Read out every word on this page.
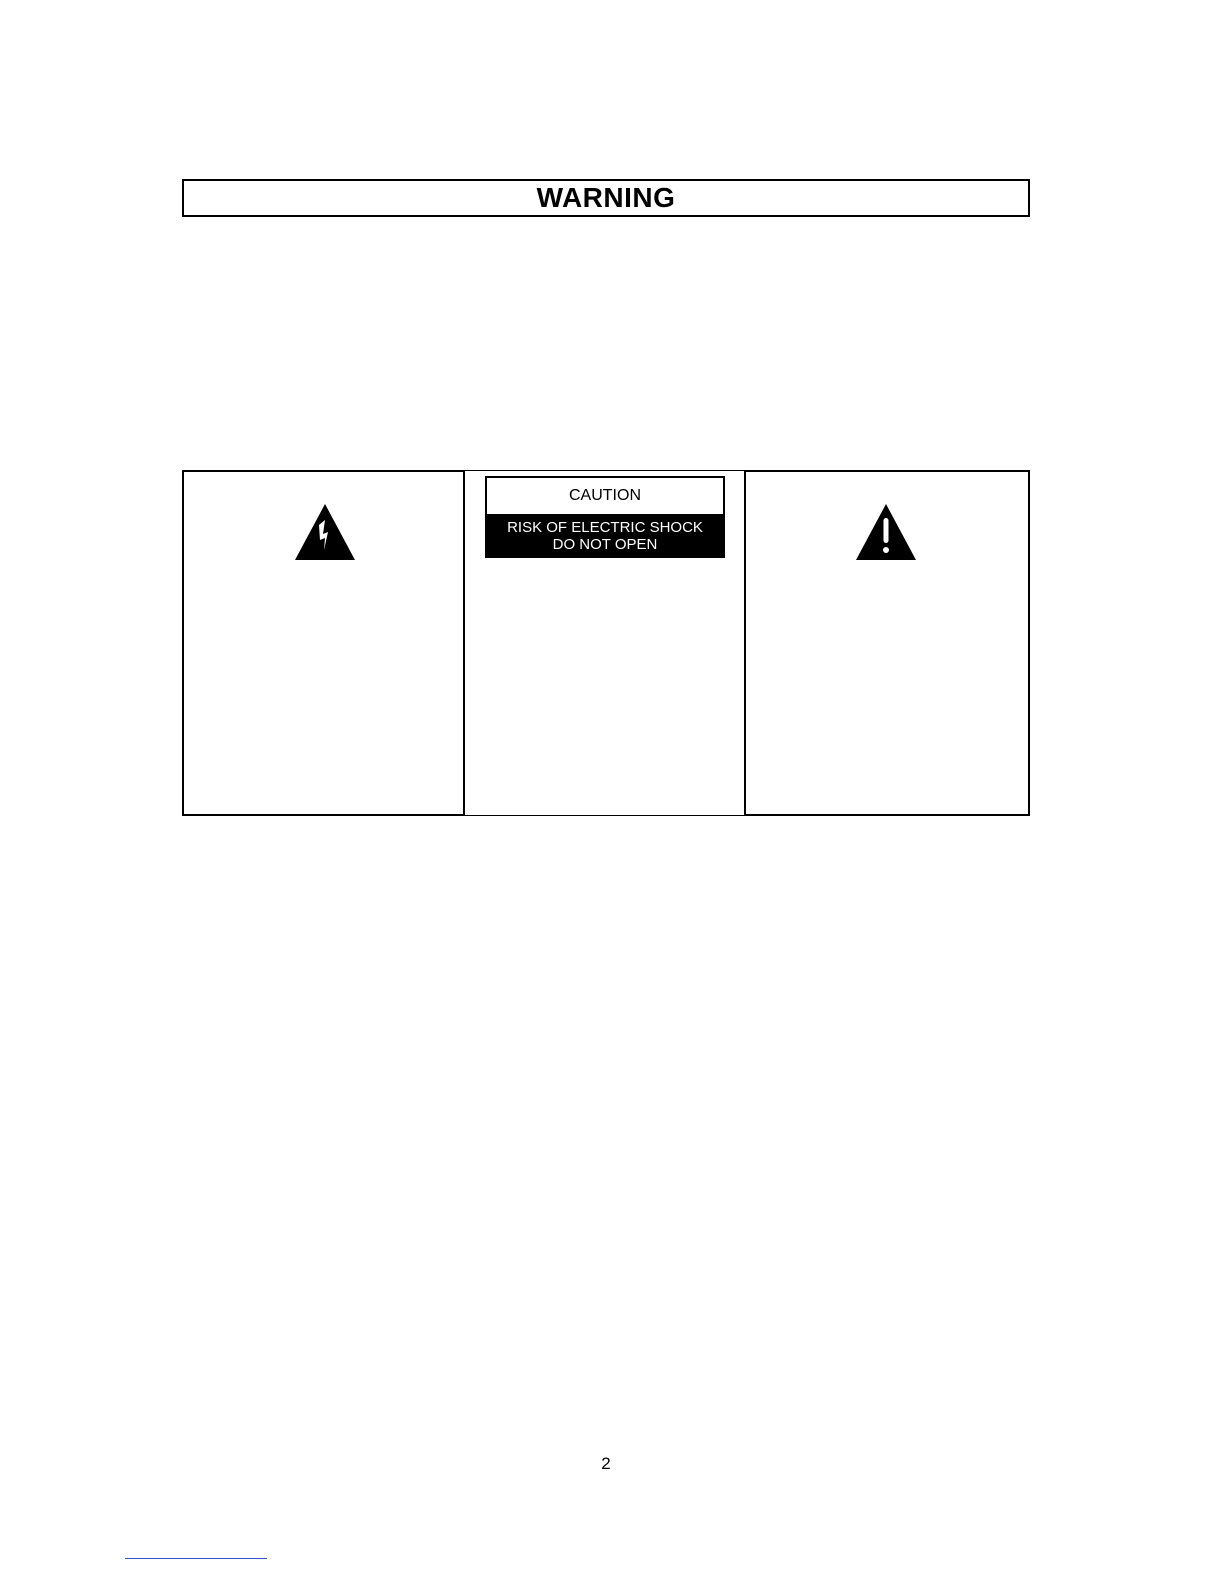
WARNING
CAUTION
RISK OF ELECTRIC SHOCK
DO NOT OPEN
2
